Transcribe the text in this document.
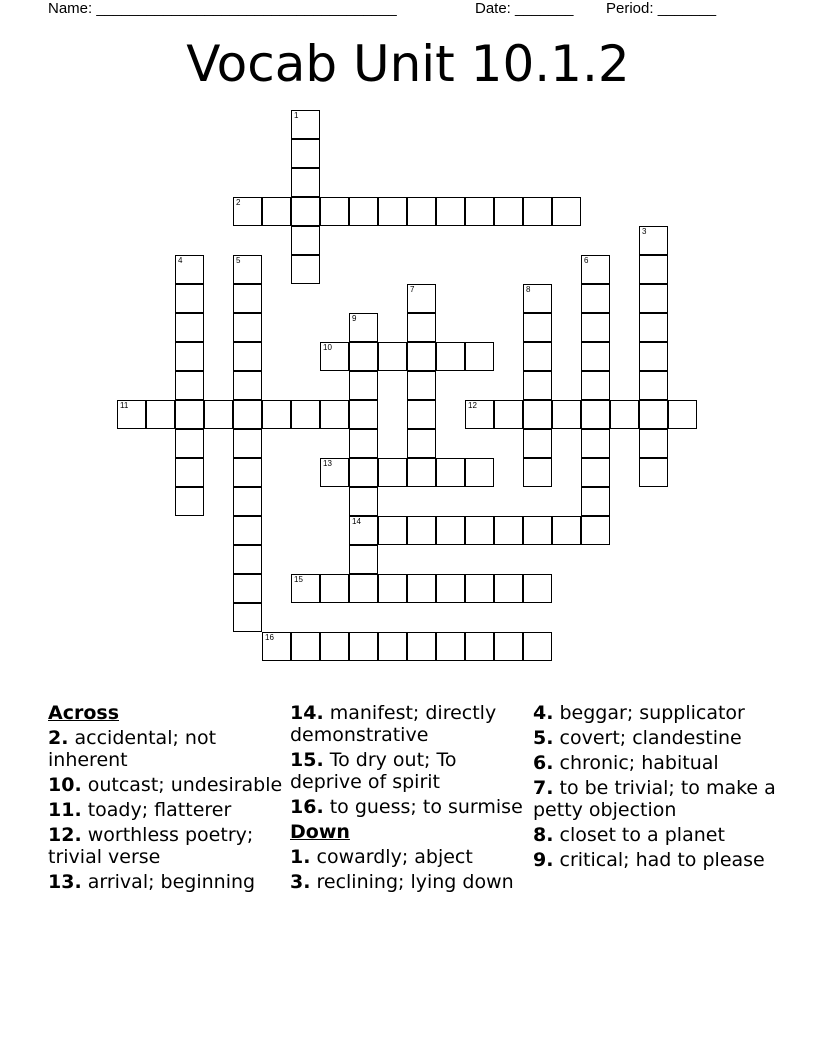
Name: ____________________________________	Date: _______ Period: _______
Vocab Unit 10.1.2
1
2
3
4	5	6
7	8
9
14
10
11	12
13
15
16
Across
2. accidental; not inherent
10. outcast; undesirable
11. toady; flatterer
12. worthless poetry; trivial verse
13. arrival; beginning
14. manifest; directly demonstrative
15. To dry out; To deprive of spirit
16. to guess; to surmise
Down
1. cowardly; abject
3. reclining; lying down
4. beggar; supplicator
5. covert; clandestine
6. chronic; habitual
7. to be trivial; to make a petty objection
8. closet to a planet
9. critical; had to please
